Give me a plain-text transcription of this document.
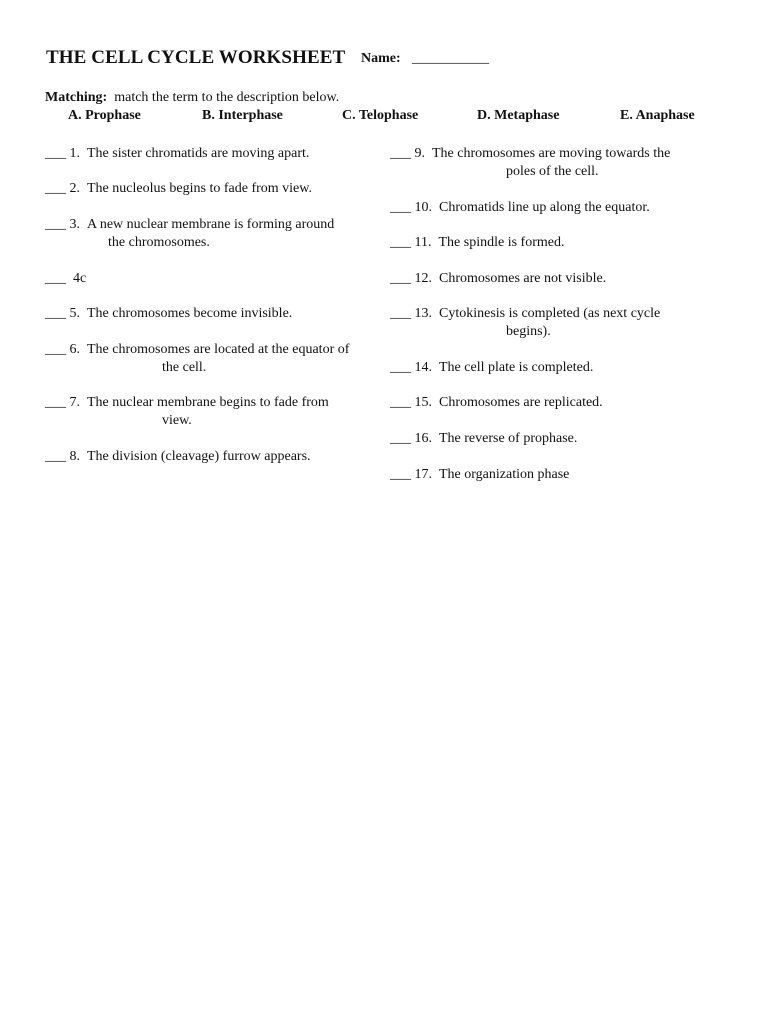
THE CELL CYCLE WORKSHEET Name: ___________
Matching: match the term to the description below.
A. Prophase	B. Interphase	C. Telophase	D. Metaphase	E. Anaphase
___ 1. The sister chromatids are moving apart.
___ 2. The nucleolus begins to fade from view.
___ 3. A new nuclear membrane is forming around
the chromosomes.
___ 4c
___ 5. The chromosomes become invisible.
___ 6. The chromosomes are located at the equator of
the cell.
___ 7. The nuclear membrane begins to fade from
view.
___ 8. The division (cleavage) furrow appears.
___ 9. The chromosomes are moving towards the
poles of the cell.
___ 10. Chromatids line up along the equator.
___ 11. The spindle is formed.
___ 12. Chromosomes are not visible.
___ 13. Cytokinesis is completed (as next cycle
begins).
___ 14. The cell plate is completed.
___ 15. Chromosomes are replicated.
___ 16. The reverse of prophase.
___ 17. The organization phase
